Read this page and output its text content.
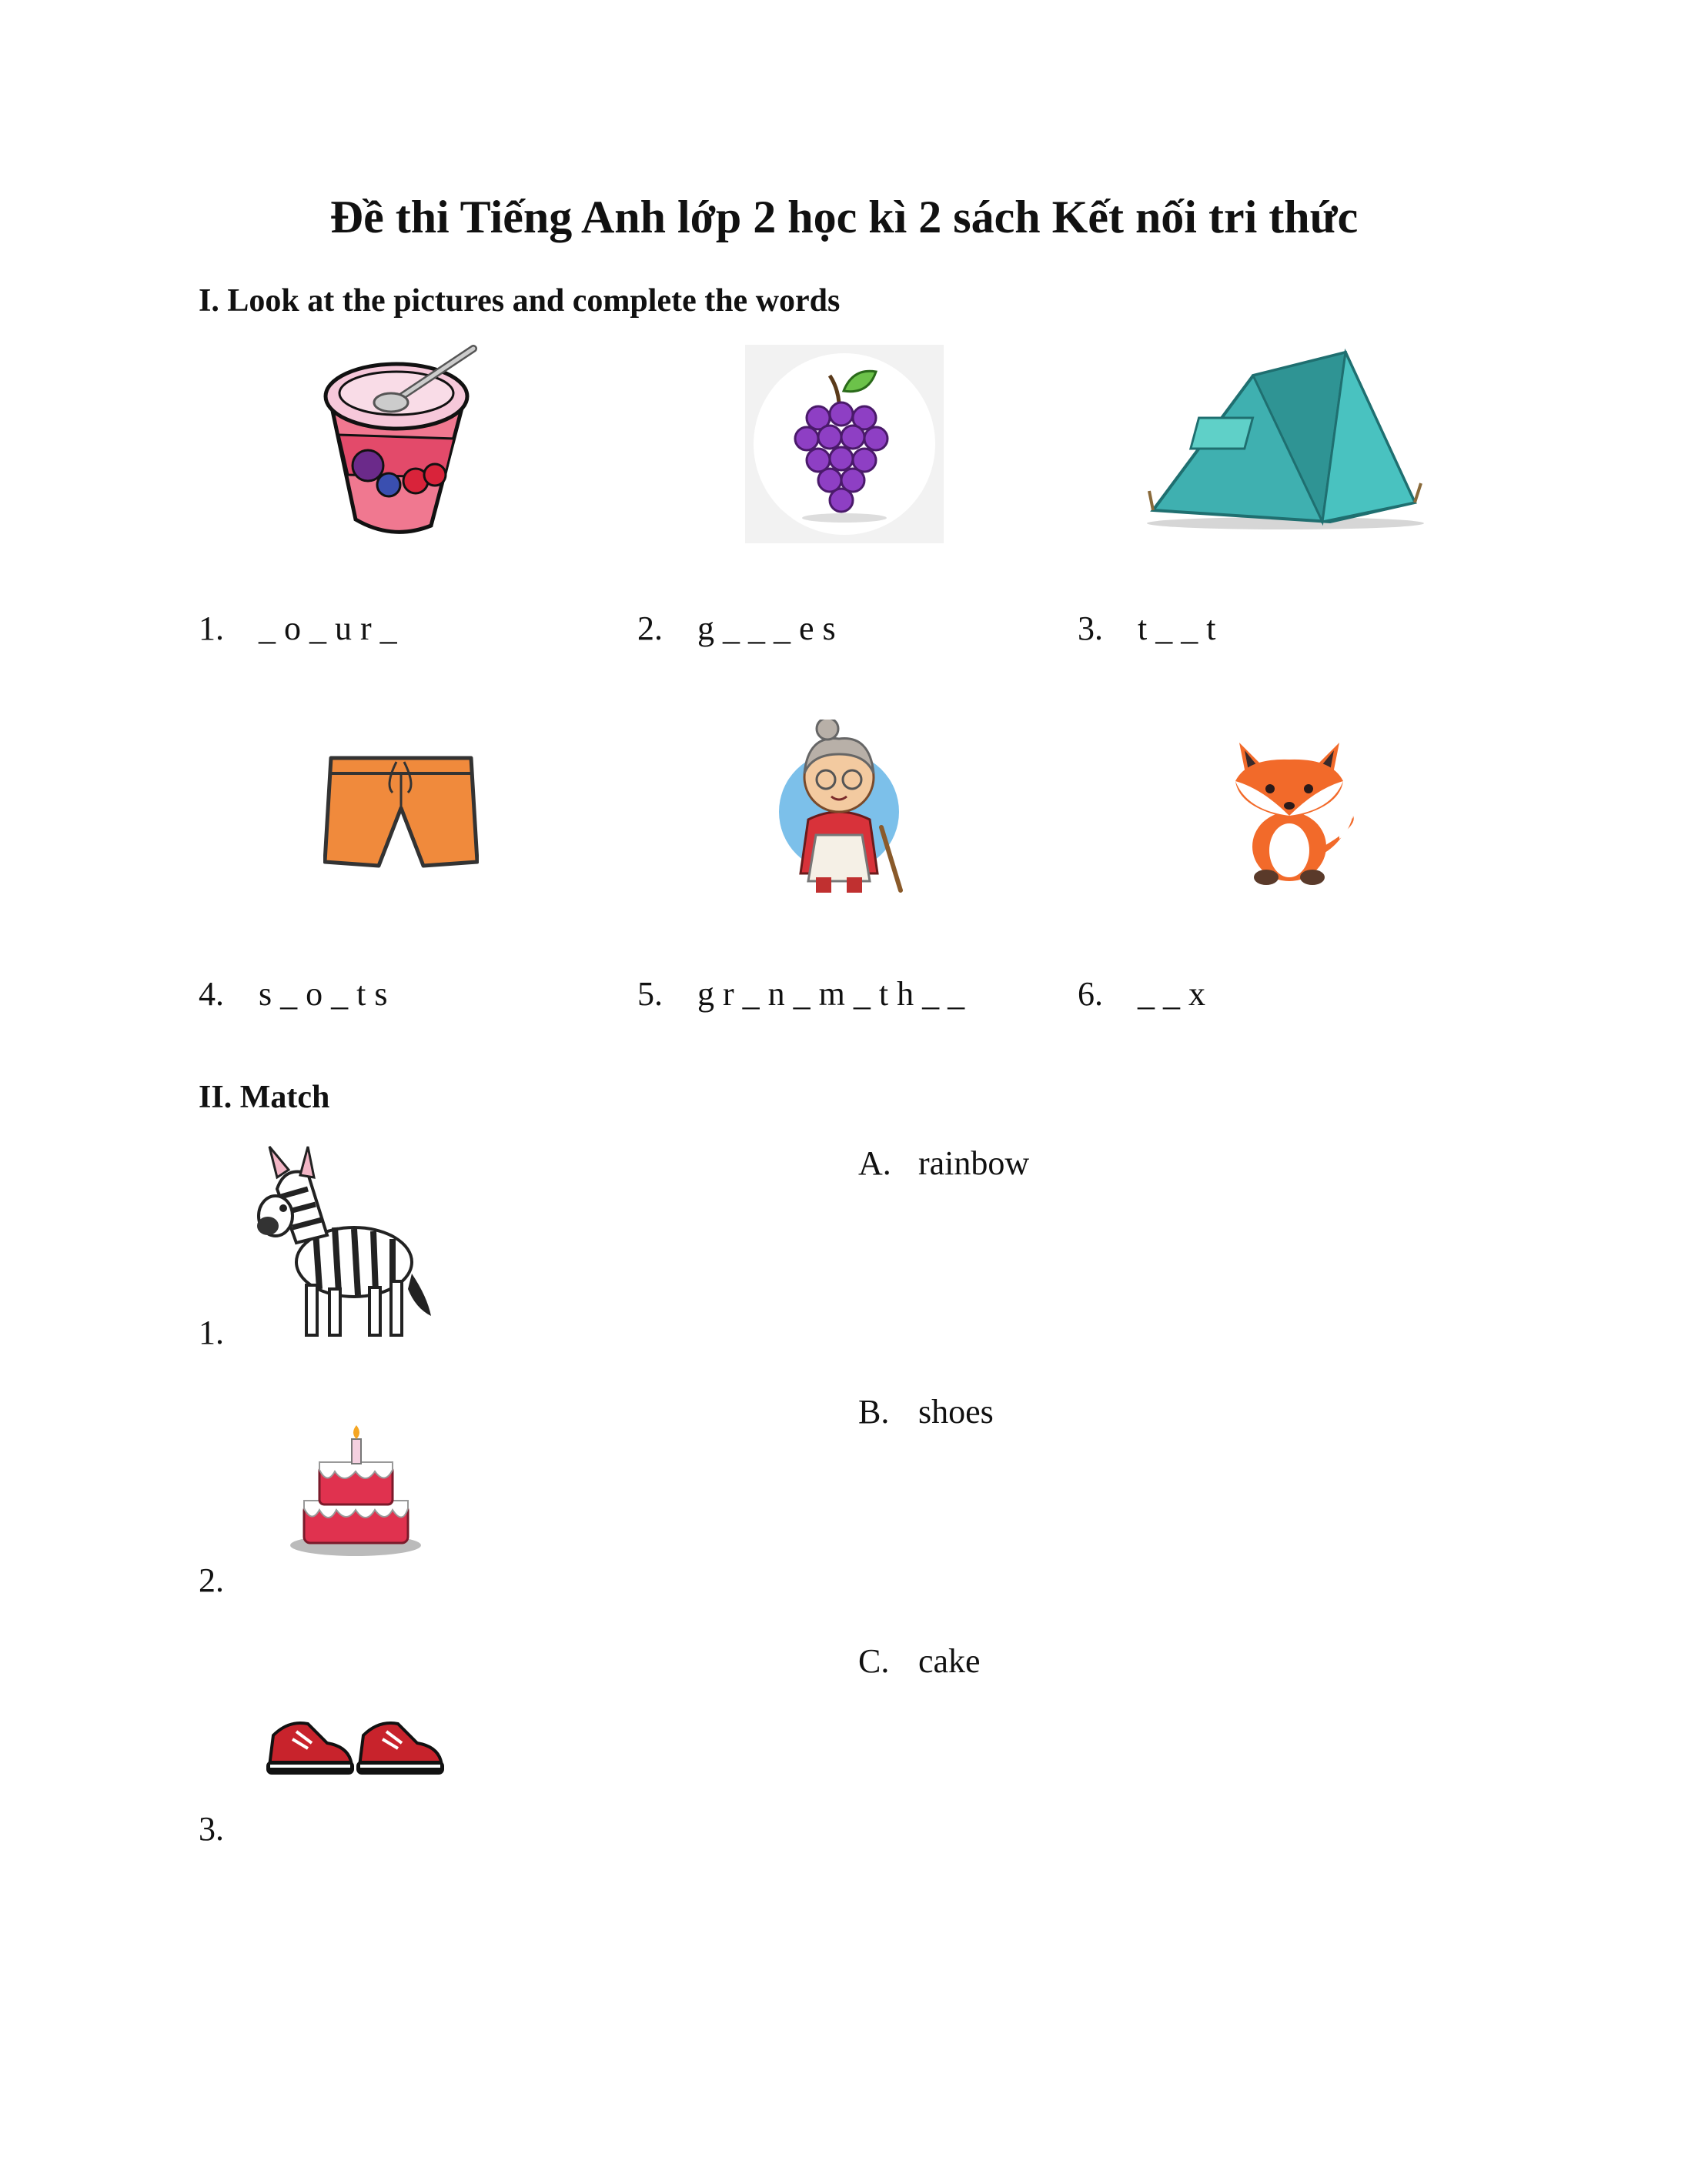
Đề thi Tiếng Anh lớp 2 học kì 2 sách Kết nối tri thức
I. Look at the pictures and complete the words
1. _ o _ u r _	2. g _ _ _ e s	3. t _ _ t
4. s _ o _ t s	5. g r _ n _ m _ t h _ _	6. _ _ x
II. Match
1.
2.
3.
A. rainbow
B. shoes
C. cake
